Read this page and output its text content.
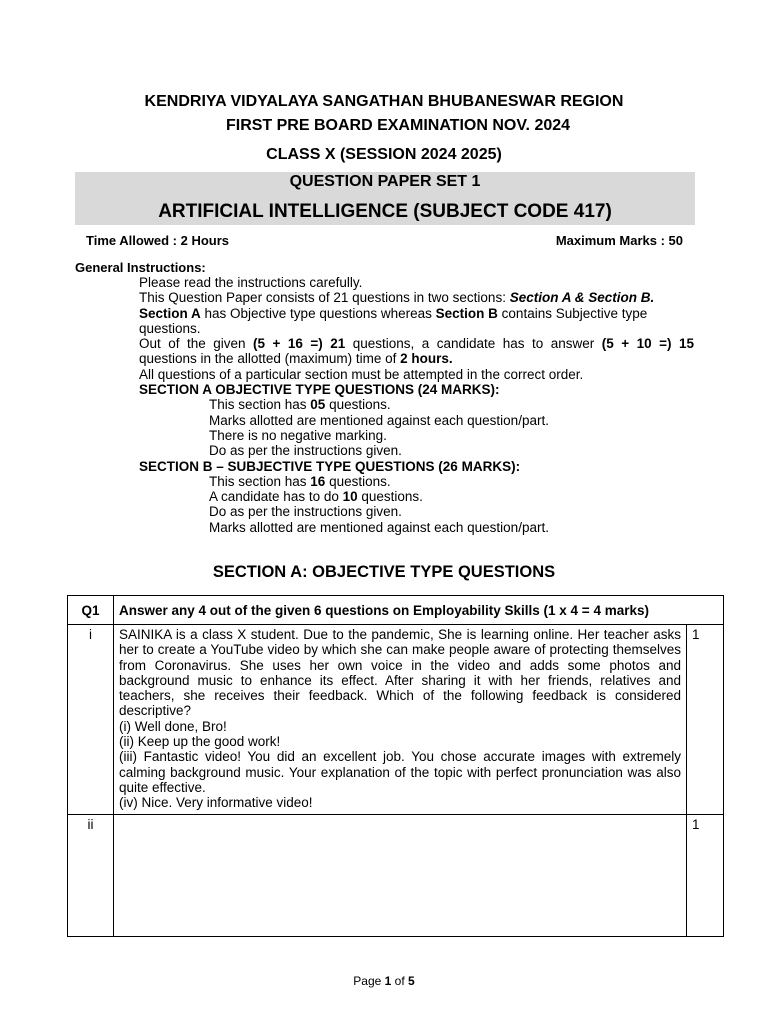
KENDRIYA VIDYALAYA SANGATHAN BHUBANESWAR REGION
FIRST PRE BOARD EXAMINATION NOV. 2024
CLASS X (SESSION 2024 2025)
QUESTION PAPER SET 1
ARTIFICIAL INTELLIGENCE (SUBJECT CODE 417)
Time Allowed : 2 Hours	Maximum Marks : 50
General Instructions:
Please read the instructions carefully.
This Question Paper consists of 21 questions in two sections: Section A & Section B.
Section A has Objective type questions whereas Section B contains Subjective type
questions.
Out of the given (5 + 16 =) 21 questions, a candidate has to answer (5 + 10 =) 15
questions in the allotted (maximum) time of 2 hours.
All questions of a particular section must be attempted in the correct order.
SECTION A OBJECTIVE TYPE QUESTIONS (24 MARKS):
This section has 05 questions.
Marks allotted are mentioned against each question/part.
There is no negative marking.
Do as per the instructions given.
SECTION B – SUBJECTIVE TYPE QUESTIONS (26 MARKS):
This section has 16 questions.
A candidate has to do 10 questions.
Do as per the instructions given.
Marks allotted are mentioned against each question/part.
SECTION A: OBJECTIVE TYPE QUESTIONS
Q1	Answer any 4 out of the given 6 questions on Employability Skills (1 x 4 = 4 marks)	
i	SAINIKA is a class X student. Due to the pandemic, She is learning online. Her teacher asks her to create a YouTube video by which she can make people aware of protecting themselves from Coronavirus. She uses her own voice in the video and adds some photos and background music to enhance its effect. After sharing it with her friends, relatives and teachers, she receives their feedback. Which of the following feedback is considered descriptive?
(i) Well done, Bro!
(ii) Keep up the good work!
(iii) Fantastic video! You did an excellent job. You chose accurate images with extremely calming background music. Your explanation of the topic with perfect pronunciation was also quite effective.
(iv) Nice. Very informative video!	1
ii		1
Page 1 of 5
